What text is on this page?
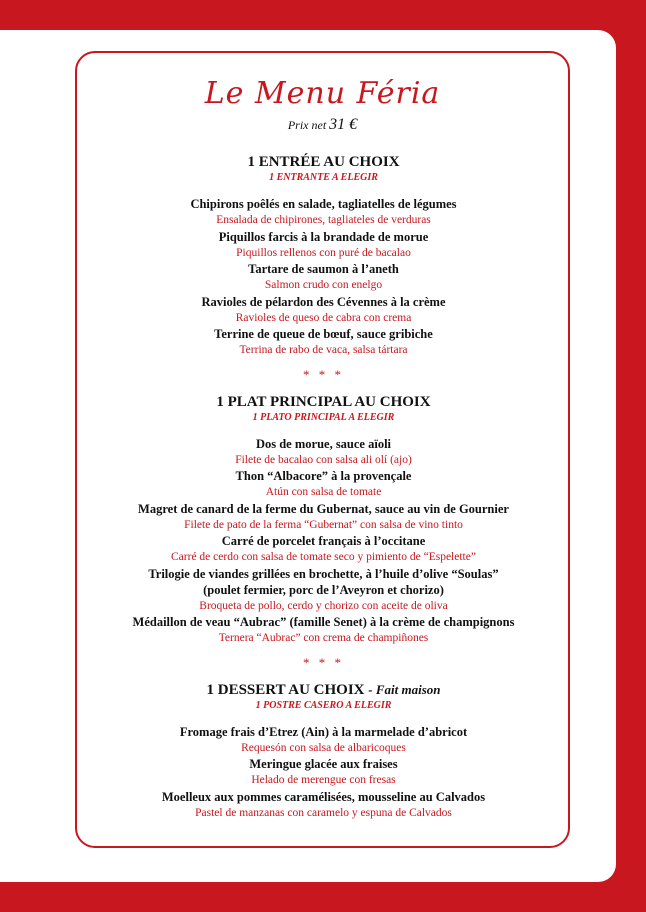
Le Menu Féria
Prix net 31 €
1 ENTRÉE AU CHOIX
1 ENTRANTE A ELEGIR
Chipirons poêlés en salade, tagliatelles de légumes
Ensalada de chipirones, tagliateles de verduras
Piquillos farcis à la brandade de morue
Piquillos rellenos con puré de bacalao
Tartare de saumon à l’aneth
Salmon crudo con enelgo
Ravioles de pélardon des Cévennes à la crème
Ravioles de queso de cabra con crema
Terrine de queue de bœuf, sauce gribiche
Terrina de rabo de vaca, salsa tártara
* * *
1 PLAT PRINCIPAL AU CHOIX
1 PLATO PRINCIPAL A ELEGIR
Dos de morue, sauce aïoli
Filete de bacalao con salsa ali olí (ajo)
Thon “Albacore” à la provençale
Atún con salsa de tomate
Magret de canard de la ferme du Gubernat, sauce au vin de Gournier
Filete de pato de la ferma “Gubernat” con salsa de vino tinto
Carré de porcelet français à l’occitane
Carré de cerdo con salsa de tomate seco y pimiento de “Espelette”
Trilogie de viandes grillées en brochette, à l’huile d’olive “Soulas”
(poulet fermier, porc de l’Aveyron et chorizo)
Broqueta de pollo, cerdo y chorizo con aceite de oliva
Médaillon de veau “Aubrac” (famille Senet) à la crème de champignons
Ternera “Aubrac” con crema de champiñones
* * *
1 DESSERT AU CHOIX - Fait maison
1 POSTRE CASERO A ELEGIR
Fromage frais d’Etrez (Ain) à la marmelade d’abricot
Requesón con salsa de albaricoques
Meringue glacée aux fraises
Helado de merengue con fresas
Moelleux aux pommes caramélisées, mousseline au Calvados
Pastel de manzanas con caramelo y espuna de Calvados
